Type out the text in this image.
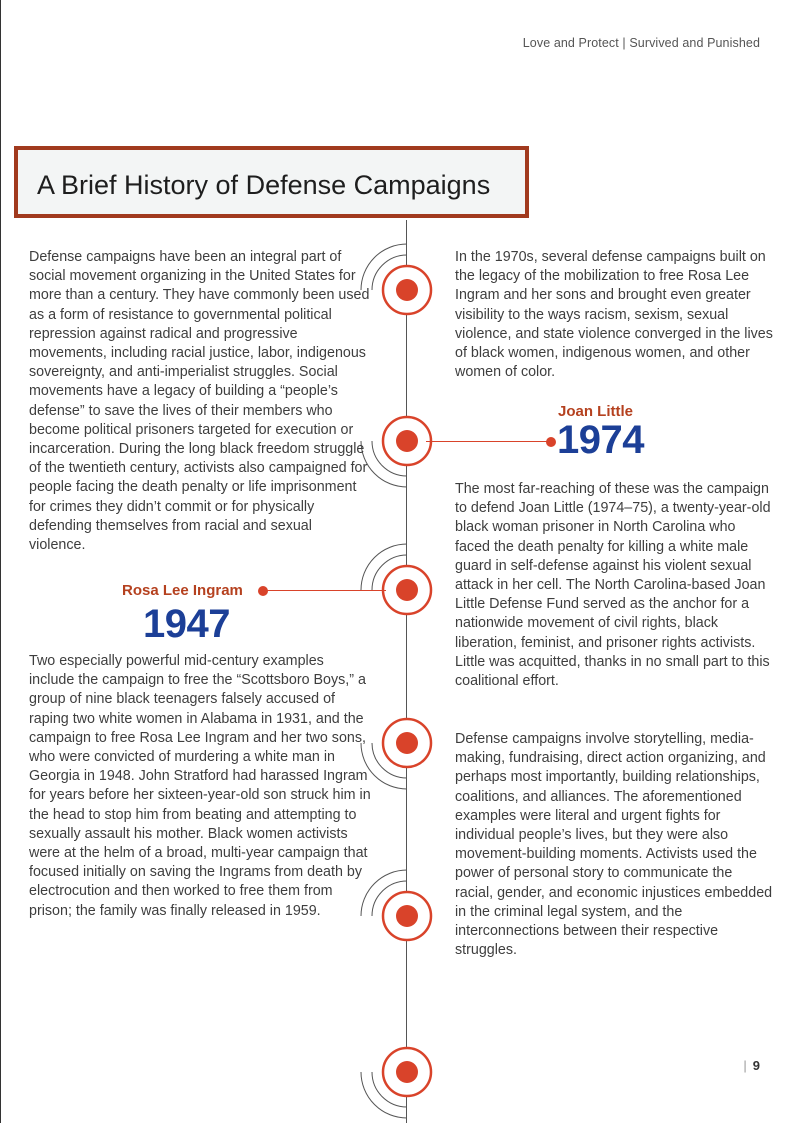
Love and Protect | Survived and Punished
A Brief History of Defense Campaigns

Defense campaigns have been an integral part of social movement organizing in the United States for more than a century. They have commonly been used as a form of resistance to governmental political repression against radical and progressive movements, including racial justice, labor, indigenous sovereignty, and anti-imperialist struggles. Social movements have a legacy of building a “people’s defense” to save the lives of their members who become political prisoners targeted for execution or incarceration. During the long black freedom struggle of the twentieth century, activists also campaigned for people facing the death penalty or life imprisonment for crimes they didn’t commit or for physically defending themselves from racial and sexual violence.

Rosa Lee Ingram
1947

Two especially powerful mid-century examples include the campaign to free the “Scottsboro Boys,” a group of nine black teenagers falsely accused of raping two white women in Alabama in 1931, and the campaign to free Rosa Lee Ingram and her two sons, who were convicted of murdering a white man in Georgia in 1948. John Stratford had harassed Ingram for years before her sixteen-year-old son struck him in the head to stop him from beating and attempting to sexually assault his mother. Black women activists were at the helm of a broad, multi-year campaign that focused initially on saving the Ingrams from death by electrocution and then worked to free them from prison; the family was finally released in 1959.

In the 1970s, several defense campaigns built on the legacy of the mobilization to free Rosa Lee Ingram and her sons and brought even greater visibility to the ways racism, sexism, sexual violence, and state violence converged in the lives of black women, indigenous women, and other women of color.

Joan Little
1974

The most far-reaching of these was the campaign to defend Joan Little (1974–75), a twenty-year-old black woman prisoner in North Carolina who faced the death penalty for killing a white male guard in self-defense against his violent sexual attack in her cell. The North Carolina-based Joan Little Defense Fund served as the anchor for a nationwide movement of civil rights, black liberation, feminist, and prisoner rights activists. Little was acquitted, thanks in no small part to this coalitional effort.

Defense campaigns involve storytelling, media-making, fundraising, direct action organizing, and perhaps most importantly, building relationships, coalitions, and alliances. The aforementioned examples were literal and urgent fights for individual people’s lives, but they were also movement-building moments. Activists used the power of personal story to communicate the racial, gender, and economic injustices embedded in the criminal legal system, and the interconnections between their respective struggles.

| 9
